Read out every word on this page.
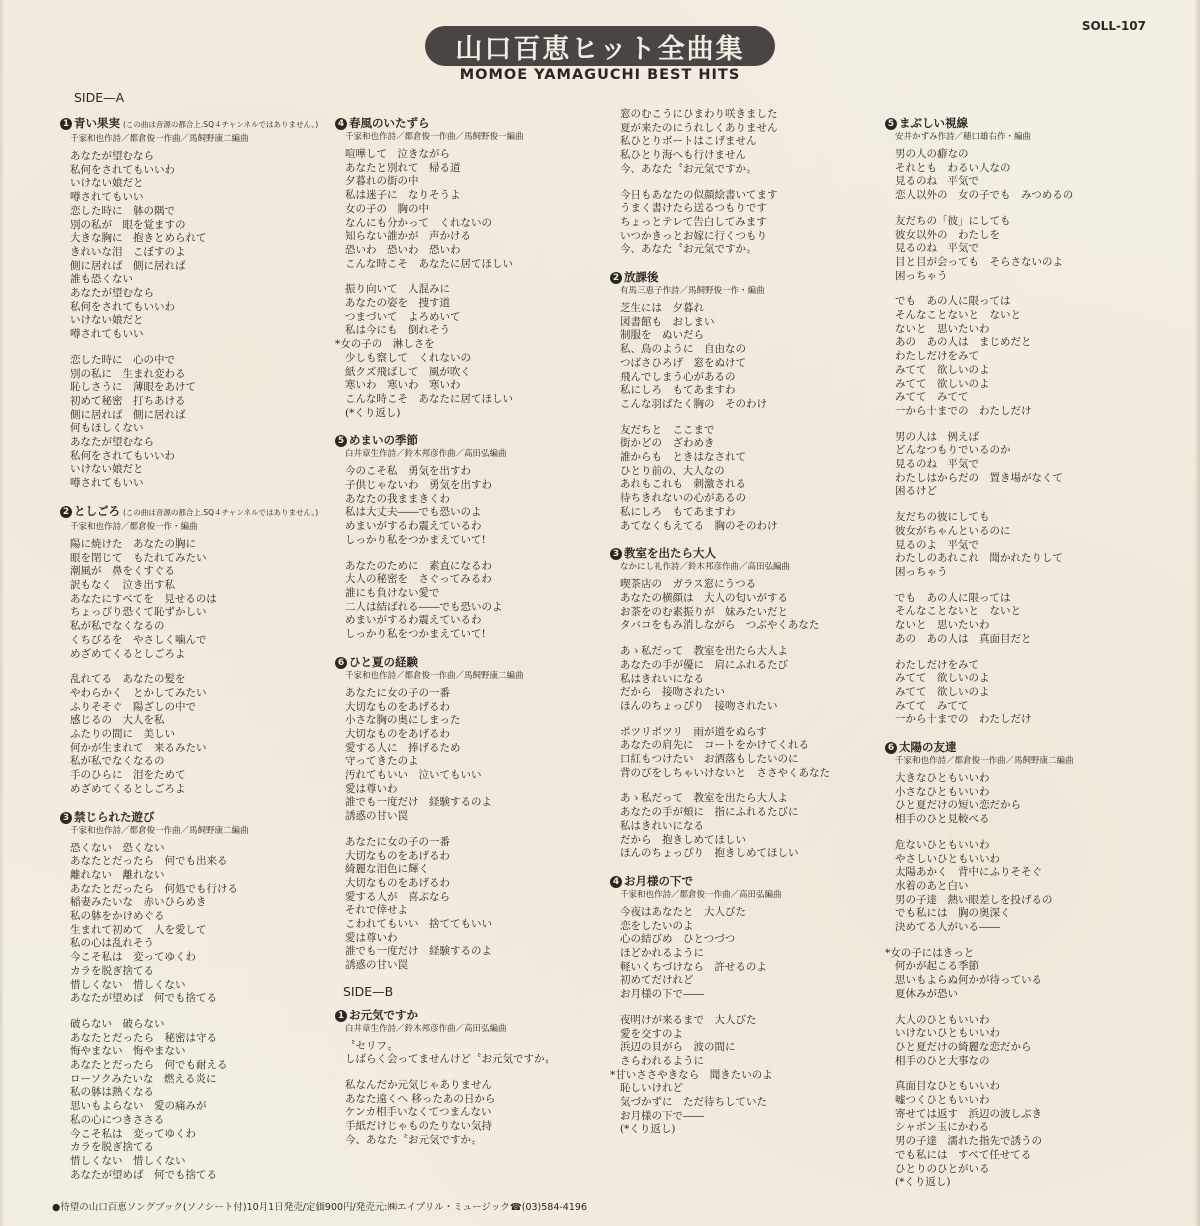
山口百恵ヒット全曲集
MOMOE YAMAGUCHI BEST HITS
SOLL-107
SIDE—A
1 青い果実 (この曲は音源の都合上.SQ４チャンネルではありません。)
千家和也作詩／都倉俊一作曲／馬飼野康二編曲
あなたが望むなら
私何をされてもいいわ
いけない娘だと
噂されてもいい
恋した時に　躰の隅で
別の私が　眼を覚ますの
大きな胸に　抱きとめられて
きれいな泪　こぼすのよ
側に居れば　側に居れば
誰も恐くない
あなたが望むなら
私何をされてもいいわ
いけない娘だと
噂されてもいい
恋した時に　心の中で
別の私に　生まれ変わる
恥しさうに　薄眼をあけて
初めて秘密　打ちあける
側に居れば　側に居れば
何もほしくない
あなたが望むなら
私何をされてもいいわ
いけない娘だと
噂されてもいい
2 としごろ (この曲は音源の都合上.SQ４チャンネルではありません。)
千家和也作詩／都倉俊一作・編曲
陽に焼けた　あなたの胸に
眼を閉じて　もたれてみたい
潮風が　鼻をくすぐる
訳もなく　泣き出す私
あなたにすべてを　見せるのは
ちょっぴり恐くて恥ずかしい
私が私でなくなるの
くちびるを　やさしく噛んで
めざめてくるとしごろよ
乱れてる　あなたの髪を
やわらかく　とかしてみたい
ふりそそぐ　陽ざしの中で
感じるの　大人を私
ふたりの間に　美しい
何かが生まれて　来るみたい
私が私でなくなるの
手のひらに　泪をためて
めざめてくるとしごろよ
3 禁じられた遊び
千家和也作詩／都倉俊一作曲／馬飼野康二編曲
恐くない　恐くない
あなたとだったら　何でも出来る
離れない　離れない
あなたとだったら　何処でも行ける
稲妻みたいな　赤いひらめき
私の躰をかけめぐる
生まれて初めて　人を愛して
私の心は乱れそう
今こそ私は　変ってゆくわ
カラを脱ぎ捨てる
惜しくない　惜しくない
あなたが望めば　何でも捨てる
破らない　破らない
あなたとだったら　秘密は守る
悔やまない　悔やまない
あなたとだったら　何でも耐える
ローソクみたいな　燃える炎に
私の躰は熱くなる
思いもよらない　愛の痛みが
私の心につきささる
今こそ私は　変ってゆくわ
カラを脱ぎ捨てる
惜しくない　惜しくない
あなたが望めば　何でも捨てる
4 春風のいたずら
千家和也作詩／都倉俊一作曲／馬飼野俊一編曲
喧嘩して　泣きながら
あなたと別れて　帰る道
夕暮れの街の中
私は迷子に　なりそうよ
女の子の　胸の中
なんにも分かって　くれないの
知らない誰かが　声かける
恐いわ　恐いわ　恐いわ
こんな時こそ　あなたに居てほしい
振り向いて　人混みに
あなたの姿を　捜す道
つまづいて　よろめいて
私は今にも　倒れそう
*女の子の　淋しさを
少しも察して　くれないの
紙クズ飛ばして　風が吹く
寒いわ　寒いわ　寒いわ
こんな時こそ　あなたに居てほしい
(*くり返し)
5 めまいの季節
白井章生作詩／鈴木邦彦作曲／高田弘編曲
今のこそ私　勇気を出すわ
子供じゃないわ　勇気を出すわ
あなたの我ままきくわ
私は大丈夫――でも恐いのよ
めまいがするわ震えているわ
しっかり私をつかまえていて!
あなたのために　素直になるわ
大人の秘密を　さぐってみるわ
誰にも負けない愛で
二人は結ばれる――でも恐いのよ
めまいがするわ震えているわ
しっかり私をつかまえていて!
6 ひと夏の経験
千家和也作詩／都倉俊一作曲／馬飼野康二編曲
あなたに女の子の一番
大切なものをあげるわ
小さな胸の奥にしまった
大切なものをあげるわ
愛する人に　捧げるため
守ってきたのよ
汚れてもいい　泣いてもいい
愛は尊いわ
誰でも一度だけ　経験するのよ
誘惑の甘い罠
あなたに女の子の一番
大切なものをあげるわ
綺麗な泪色に輝く
大切なものをあげるわ
愛する人が　喜ぶなら
それで倖せよ
こわれてもいい　捨ててもいい
愛は尊いわ
誰でも一度だけ　経験するのよ
誘惑の甘い罠
SIDE—B
1 お元気ですか
白井章生作詩／鈴木邦彦作曲／高田弘編曲
〝セリフ〟
しばらく会ってませんけど〝お元気ですか〟
私なんだか元気じゃありません
あなた遠くへ 移ったあの日から
ケンカ相手いなくてつまんない
手紙だけじゃものたりない気持
今、あなた〝お元気ですか〟
窓のむこうにひまわり咲きました
夏が来たのにうれしくありません
私ひとりボートはこげません
私ひとり海へも行けません
今、あなた〝お元気ですか〟
今日もあなたの似顔絵書いてます
うまく書けたら送るつもりです
ちょっとテレて告白してみます
いつかきっとお嫁に行くつもり
今、あなた〝お元気ですか〟
2 放課後
有馬三恵子作詩／馬飼野俊一作・編曲
芝生には　夕暮れ
図書館も　おしまい
制服を　ぬいだら
私、鳥のように　自由なの
つばさひろげ　窓をぬけて
飛んでしまう心があるの
私にしろ　もてあますわ
こんな羽ばたく胸の　そのわけ
友だちと　ここまで
街かどの　ざわめき
誰からも　ときはなされて
ひとり前の、大人なの
あれもこれも　刺激される
待ちきれないの心があるの
私にしろ　もてあますわ
あてなくもえてる　胸のそのわけ
3 教室を出たら大人
なかにし礼作詩／鈴木邦彦作曲／高田弘編曲
喫茶店の　ガラス窓にうつる
あなたの横顔は　大人の匂いがする
お茶をのむ素振りが　妹みたいだと
タバコをもみ消しながら　つぶやくあなた
あゝ私だって　教室を出たら大人よ
あなたの手が優に　肩にふれるたび
私はきれいになる
だから　接吻されたい
ほんのちょっぴり　接吻されたい
ポツリポツリ　雨が道をぬらす
あなたの肩先に　コートをかけてくれる
口紅もつけたい　お洒落もしたいのに
背のびをしちゃいけないと　ささやくあなた
あゝ私だって　教室を出たら大人よ
あなたの手が頬に　指にふれるたびに
私はきれいになる
だから　抱きしめてほしい
ほんのちょっぴり　抱きしめてほしい
4 お月様の下で
千家和也作詩／都倉俊一作曲／高田弘編曲
今夜はあなたと　大人びた
恋をしたいのよ
心の結びめ　ひとつづつ
ほどかれるように
軽いくちづけなら　許せるのよ
初めてだけれど
お月様の下で――
夜明けが来るまで　大人びた
愛を交すのよ
浜辺の貝がら　波の間に
さらわれるように
*甘いささやきなら　聞きたいのよ
恥しいけれど
気づかずに　ただ待ちしていた
お月様の下で――
(*くり返し)
5 まぶしい視線
安井かずみ作詩／穂口雄右作・編曲
男の人の癖なの
それとも　わるい人なの
見るのね　平気で
恋人以外の　女の子でも　みつめるの
友だちの「彼」にしても
彼女以外の　わたしを
見るのね　平気で
目と目が会っても　そらさないのよ
困っちゃう
でも　あの人に限っては
そんなことないと　ないと
ないと　思いたいわ
あの　あの人は　まじめだと
わたしだけをみて
みてて　欲しいのよ
みてて　欲しいのよ
みてて　みてて
一から十までの　わたしだけ
男の人は　例えば
どんなつもりでいるのか
見るのね　平気で
わたしはからだの　置き場がなくて
困るけど
友だちの彼にしても
彼女がちゃんといるのに
見るのよ　平気で
わたしのあれこれ　聞かれたりして
困っちゃう
でも　あの人に限っては
そんなことないと　ないと
ないと　思いたいわ
あの　あの人は　真面目だと
わたしだけをみて
みてて　欲しいのよ
みてて　欲しいのよ
みてて　みてて
一から十までの　わたしだけ
6 太陽の友達
千家和也作詩／都倉俊一作曲／馬飼野康二編曲
大きなひともいいわ
小さなひともいいわ
ひと夏だけの短い恋だから
相手のひと見較べる
危ないひともいいわ
やさしいひともいいわ
太陽あかく　背中にふりそそぐ
水着のあと白い
男の子達　熱い眼差しを投げるの
でも私には　胸の奥深く
決めてる人がいる――
*女の子にはきっと
何かが起こる季節
思いもよらぬ何かが待っている
夏休みが恐い
大人のひともいいわ
いけないひともいいわ
ひと夏だけの綺麗な恋だから
相手のひと大事なの
真面目なひともいいわ
嘘つくひともいいわ
寄せては返す　浜辺の波しぶき
シャボン玉にかわる
男の子達　濡れた指先で誘うの
でも私には　すべて任せてる
ひとりのひとがいる
(*くり返し)
●待望の山口百恵ソングブック(ソノシート付)10月1日発売/定価900円/発売元:㈱エイプリル・ミュージック☎(03)584-4196
